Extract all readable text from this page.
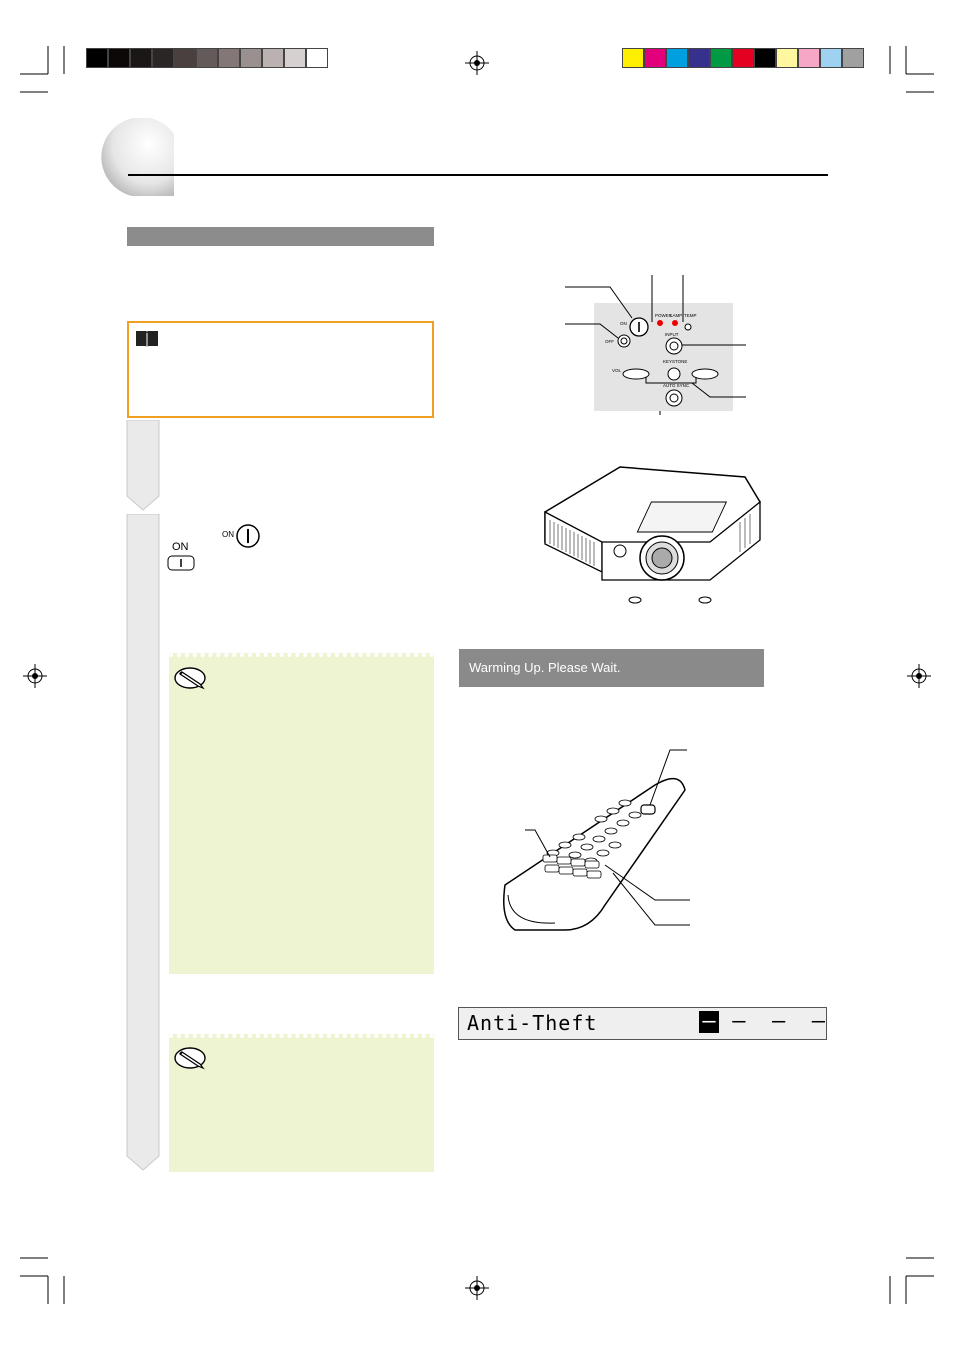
ON
ON
ON
OFF
POWER
LAMP TEMP
INPUT
KEYSTONE
VOL
AUTO SYNC
Warming Up. Please Wait.
Anti-Theft	– –  –  –
